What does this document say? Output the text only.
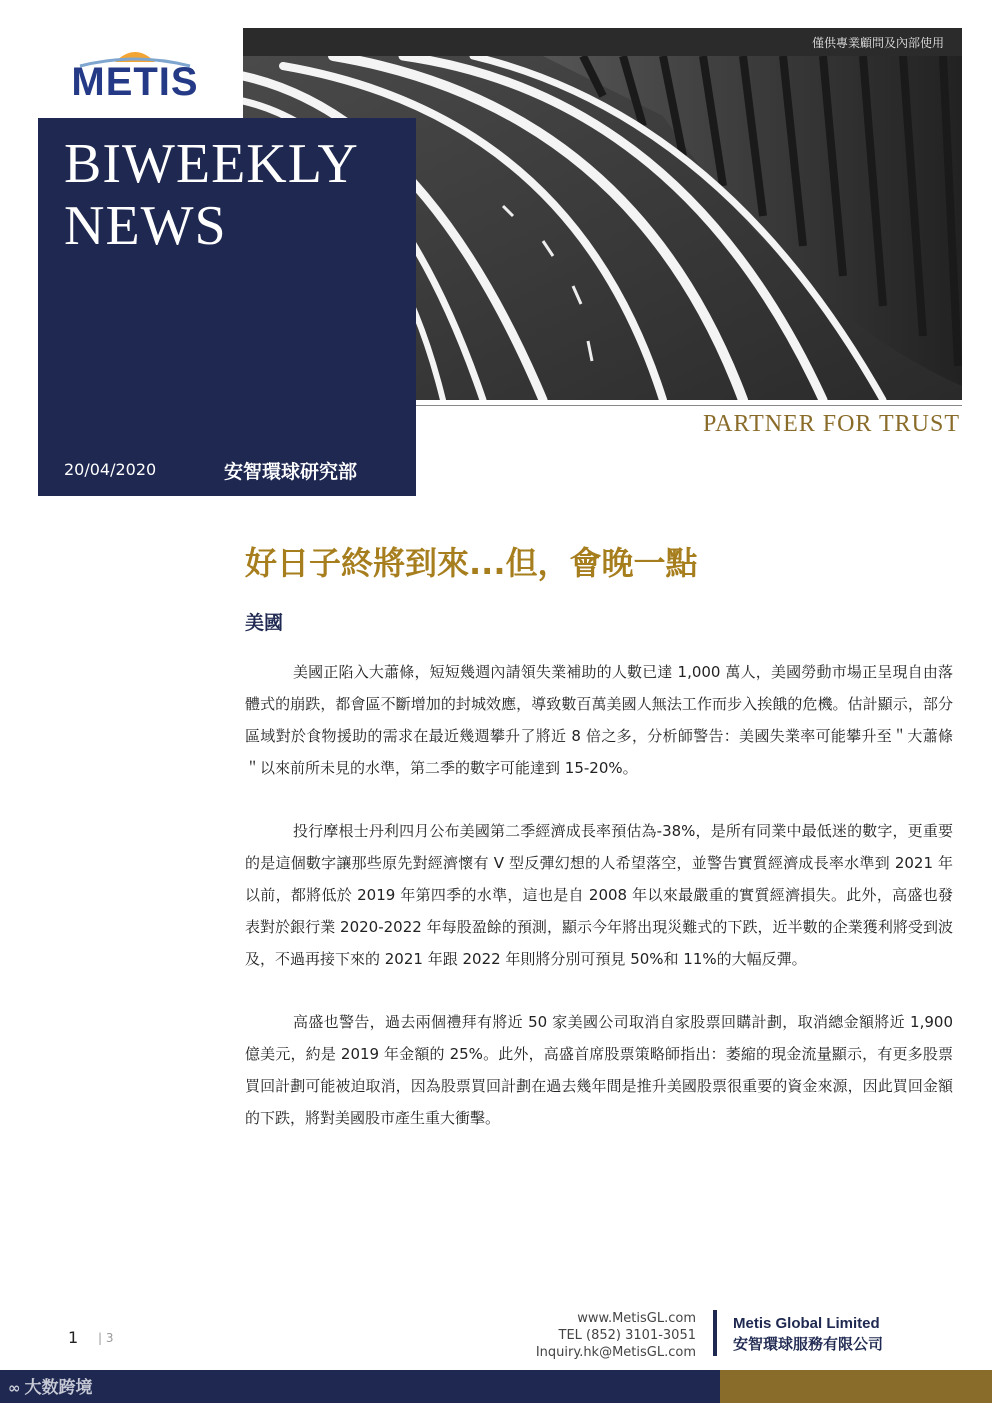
METIS
僅供專業顧問及內部使用
BIWEEKLY
NEWS
20/04/2020	安智環球研究部
PARTNER FOR TRUST
好日子終將到來...但，會晚一點
美國

美國正陷入大蕭條，短短幾週內請領失業補助的人數已達 1,000 萬人，美國勞動市場正呈現自由落體式的崩跌，都會區不斷增加的封城效應，導致數百萬美國人無法工作而步入挨餓的危機。估計顯示，部分區域對於食物援助的需求在最近幾週攀升了將近 8 倍之多，分析師警告：美國失業率可能攀升至＂大蕭條＂以來前所未見的水準，第二季的數字可能達到 15-20%。

投行摩根士丹利四月公布美國第二季經濟成長率預估為-38%，是所有同業中最低迷的數字，更重要的是這個數字讓那些原先對經濟懷有 V 型反彈幻想的人希望落空，並警告實質經濟成長率水準到 2021 年以前，都將低於 2019 年第四季的水準，這也是自 2008 年以來最嚴重的實質經濟損失。此外，高盛也發表對於銀行業 2020-2022 年每股盈餘的預測，顯示今年將出現災難式的下跌，近半數的企業獲利將受到波及，不過再接下來的 2021 年跟 2022 年則將分別可預見 50%和 11%的大幅反彈。

高盛也警告，過去兩個禮拜有將近 50 家美國公司取消自家股票回購計劃，取消總金額將近 1,900 億美元，約是 2019 年金額的 25%。此外，高盛首席股票策略師指出：萎縮的現金流量顯示，有更多股票買回計劃可能被迫取消，因為股票買回計劃在過去幾年間是推升美國股票很重要的資金來源，因此買回金額的下跌，將對美國股市產生重大衝擊。

1 | 3
www.MetisGL.com
TEL (852) 3101-3051
Inquiry.hk@MetisGL.com
Metis Global Limited
安智環球服務有限公司
∞ 大数跨境
